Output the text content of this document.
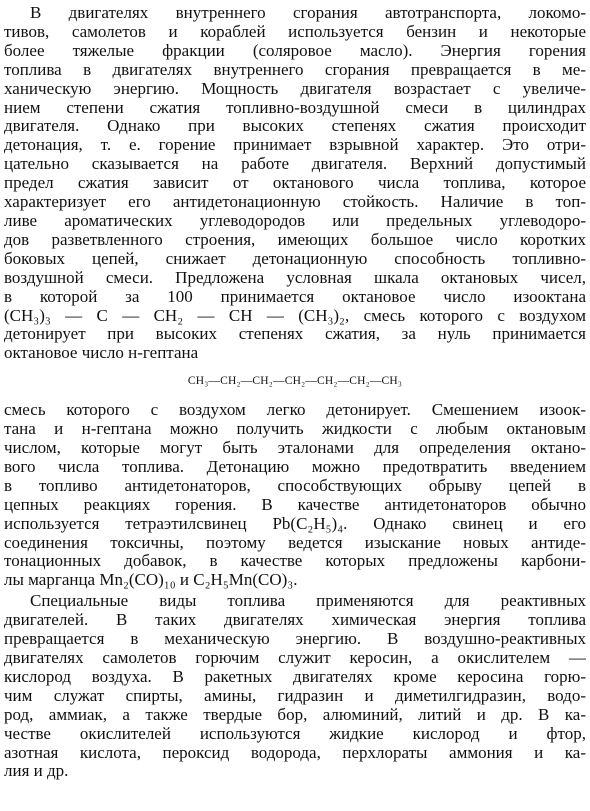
В двигателях внутреннего сгорания автотранспорта, локомо-
тивов, самолетов и кораблей используется бензин и некоторые
более тяжелые фракции (соляровое масло). Энергия горения
топлива в двигателях внутреннего сгорания превращается в ме-
ханическую энергию. Мощность двигателя возрастает с увеличе-
нием степени сжатия топливно-воздушной смеси в цилиндрах
двигателя. Однако при высоких степенях сжатия происходит
детонация, т. е. горение принимает взрывной характер. Это отри-
цательно сказывается на работе двигателя. Верхний допустимый
предел сжатия зависит от октанового числа топлива, которое
характеризует его антидетонационную стойкость. Наличие в топ-
ливе ароматических углеводородов или предельных углеводоро-
дов разветвленного строения, имеющих большое число коротких
боковых цепей, снижает детонационную способность топливно-
воздушной смеси. Предложена условная шкала октановых чисел,
в которой за 100 принимается октановое число изооктана
(CH₃)₃ — C — CH₂ — CH — (CH₃)₂, смесь которого с воздухом
детонирует при высоких степенях сжатия, за нуль принимается
октановое число н-гептана
CH₃—CH₂—CH₂—CH₂—CH₂—CH₂—CH₃
смесь которого с воздухом легко детонирует. Смешением изоок-
тана и н-гептана можно получить жидкости с любым октановым
числом, которые могут быть эталонами для определения октано-
вого числа топлива. Детонацию можно предотвратить введением
в топливо антидетонаторов, способствующих обрыву цепей в
цепных реакциях горения. В качестве антидетонаторов обычно
используется тетраэтилсвинец Pb(C₂H₅)₄. Однако свинец и его
соединения токсичны, поэтому ведется изыскание новых антиде-
тонационных добавок, в качестве которых предложены карбони-
лы марганца Mn₂(CO)₁₀ и C₂H₅Mn(CO)₃.
Специальные виды топлива применяются для реактивных
двигателей. В таких двигателях химическая энергия топлива
превращается в механическую энергию. В воздушно-реактивных
двигателях самолетов горючим служит керосин, а окислителем —
кислород воздуха. В ракетных двигателях кроме керосина горю-
чим служат спирты, амины, гидразин и диметилгидразин, водо-
род, аммиак, а также твердые бор, алюминий, литий и др. В ка-
честве окислителей используются жидкие кислород и фтор,
азотная кислота, пероксид водорода, перхлораты аммония и ка-
лия и др.
